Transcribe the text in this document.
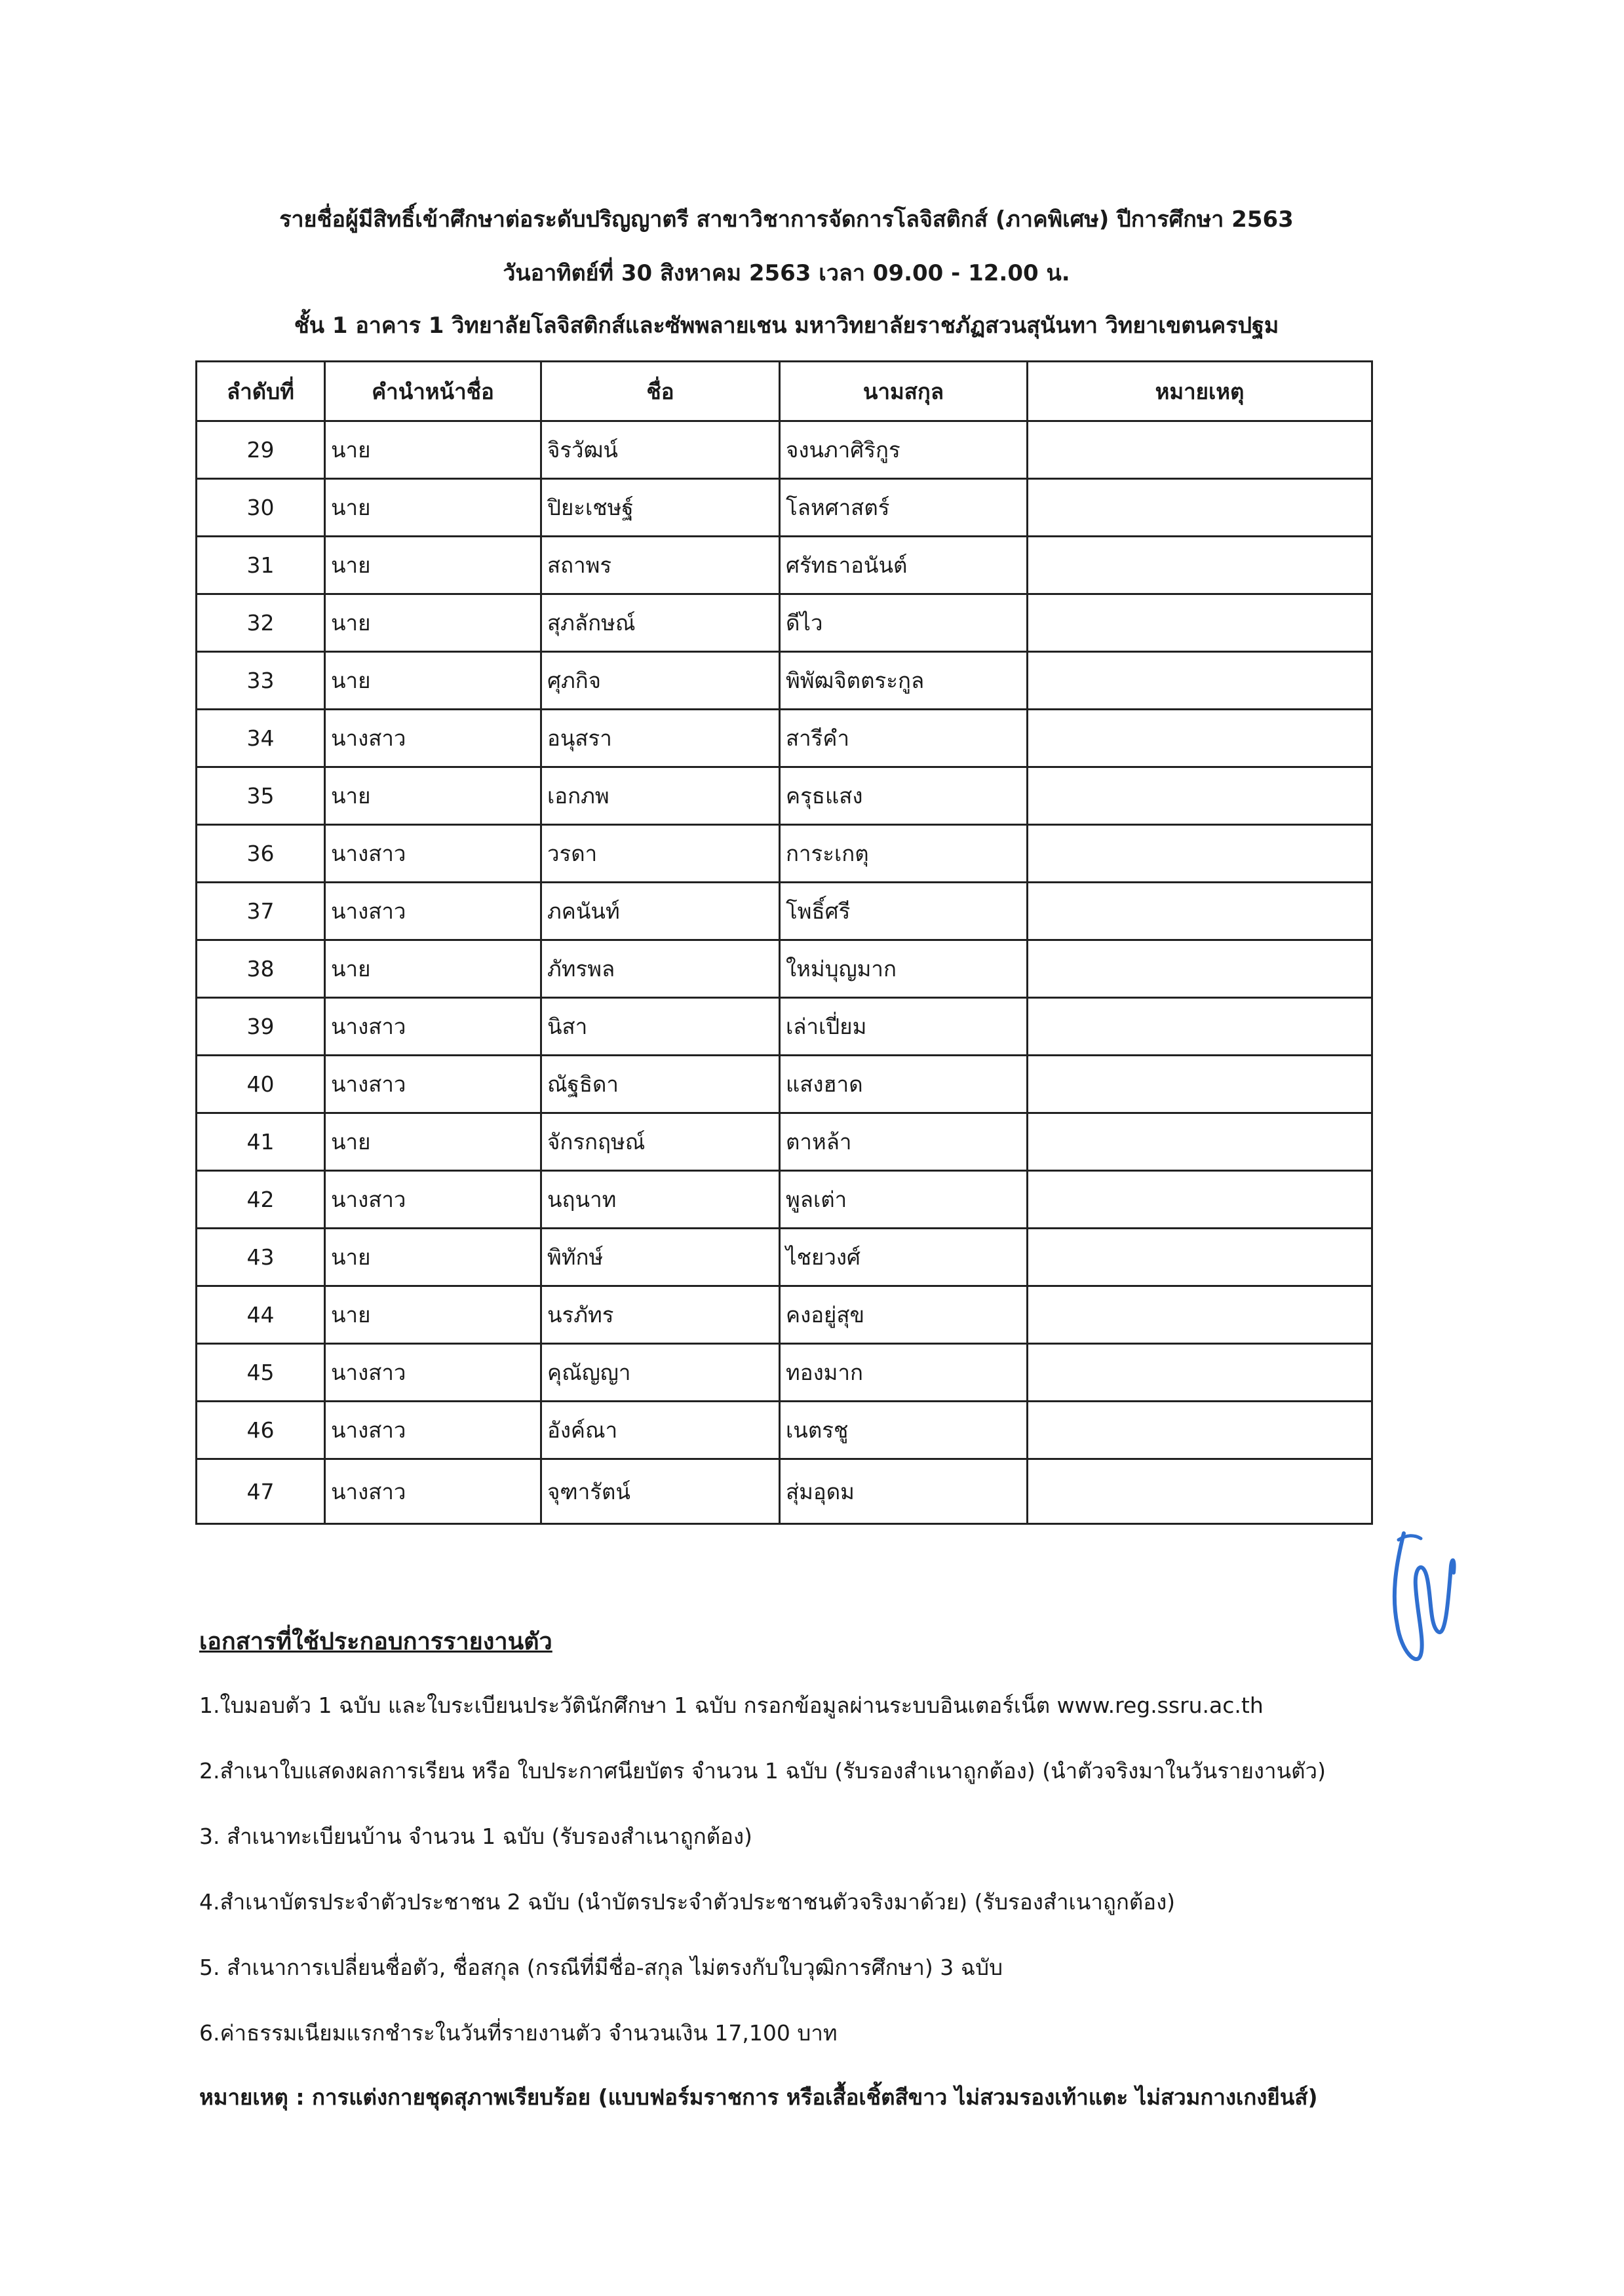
รายชื่อผู้มีสิทธิ์เข้าศึกษาต่อระดับปริญญาตรี สาขาวิชาการจัดการโลจิสติกส์ (ภาคพิเศษ) ปีการศึกษา 2563
วันอาทิตย์ที่ 30 สิงหาคม 2563 เวลา 09.00 - 12.00 น.
ชั้น 1 อาคาร 1 วิทยาลัยโลจิสติกส์และซัพพลายเชน มหาวิทยาลัยราชภัฏสวนสุนันทา วิทยาเขตนครปฐม
ลำดับที่	คำนำหน้าชื่อ	ชื่อ	นามสกุล	หมายเหตุ
29	นาย	จิรวัฒน์	จงนภาศิริกูร	
30	นาย	ปิยะเชษฐ์	โลหศาสตร์	
31	นาย	สถาพร	ศรัทธาอนันต์	
32	นาย	สุภลักษณ์	ดีไว	
33	นาย	ศุภกิจ	พิพัฒจิตตระกูล	
34	นางสาว	อนุสรา	สารีคำ	
35	นาย	เอกภพ	ครุธแสง	
36	นางสาว	วรดา	การะเกตุ	
37	นางสาว	ภคนันท์	โพธิ์ศรี	
38	นาย	ภัทรพล	ใหม่บุญมาก	
39	นางสาว	นิสา	เล่าเปี่ยม	
40	นางสาว	ณัฐธิดา	แสงฮาด	
41	นาย	จักรกฤษณ์	ตาหล้า	
42	นางสาว	นฤนาท	พูลเต่า	
43	นาย	พิทักษ์	ไชยวงศ์	
44	นาย	นรภัทร	คงอยู่สุข	
45	นางสาว	คุณัญญา	ทองมาก	
46	นางสาว	อังค์ณา	เนตรชู	
47	นางสาว	จุฑารัตน์	สุ่มอุดม	
เอกสารที่ใช้ประกอบการรายงานตัว
1.ใบมอบตัว 1 ฉบับ และใบระเบียนประวัตินักศึกษา 1 ฉบับ กรอกข้อมูลผ่านระบบอินเตอร์เน็ต www.reg.ssru.ac.th
2.สำเนาใบแสดงผลการเรียน หรือ ใบประกาศนียบัตร จำนวน 1 ฉบับ (รับรองสำเนาถูกต้อง) (นำตัวจริงมาในวันรายงานตัว)
3. สำเนาทะเบียนบ้าน จำนวน 1 ฉบับ (รับรองสำเนาถูกต้อง)
4.สำเนาบัตรประจำตัวประชาชน 2 ฉบับ (นำบัตรประจำตัวประชาชนตัวจริงมาด้วย) (รับรองสำเนาถูกต้อง)
5. สำเนาการเปลี่ยนชื่อตัว, ชื่อสกุล (กรณีที่มีชื่อ-สกุล ไม่ตรงกับใบวุฒิการศึกษา) 3 ฉบับ
6.ค่าธรรมเนียมแรกชำระในวันที่รายงานตัว จำนวนเงิน 17,100 บาท
หมายเหตุ : การแต่งกายชุดสุภาพเรียบร้อย (แบบฟอร์มราชการ หรือเสื้อเชิ้ตสีขาว ไม่สวมรองเท้าแตะ ไม่สวมกางเกงยีนส์)
